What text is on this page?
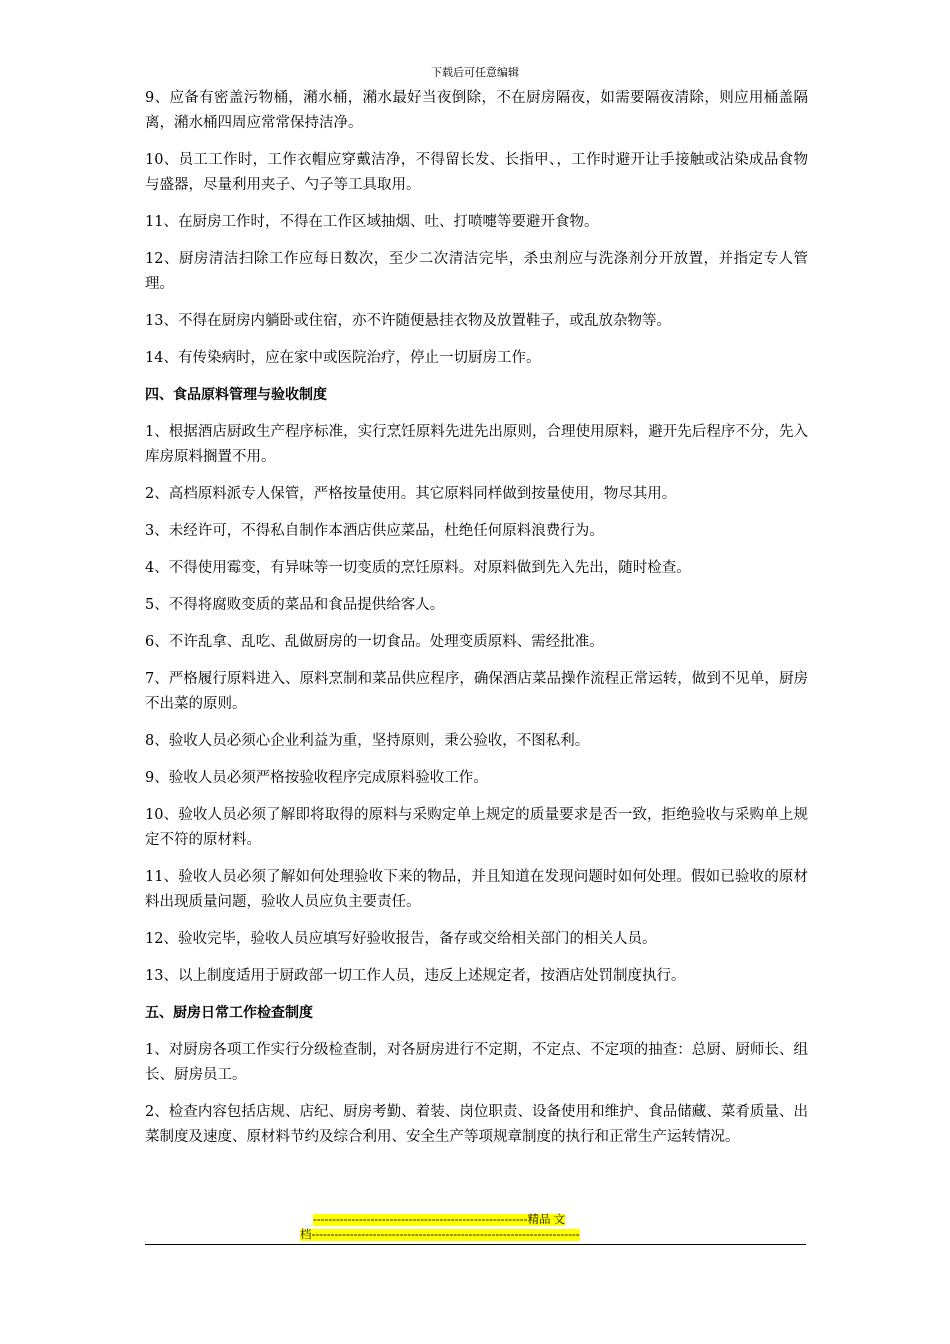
下载后可任意编辑

9、应备有密盖污物桶，潲水桶，潲水最好当夜倒除，不在厨房隔夜，如需要隔夜清除，则应用桶盖隔离，潲水桶四周应常常保持洁净。

10、员工工作时，工作衣帽应穿戴洁净，不得留长发、长指甲、，工作时避开让手接触或沾染成品食物与盛器，尽量利用夹子、勺子等工具取用。

11、在厨房工作时，不得在工作区域抽烟、吐、打喷嚏等要避开食物。

12、厨房清洁扫除工作应每日数次，至少二次清洁完毕，杀虫剂应与洗涤剂分开放置，并指定专人管理。

13、不得在厨房内躺卧或住宿，亦不许随便悬挂衣物及放置鞋子，或乱放杂物等。

14、有传染病时，应在家中或医院治疗，停止一切厨房工作。

四、食品原料管理与验收制度

1、根据酒店厨政生产程序标准，实行烹饪原料先进先出原则，合理使用原料，避开先后程序不分，先入库房原料搁置不用。

2、高档原料派专人保管，严格按量使用。其它原料同样做到按量使用，物尽其用。

3、未经许可，不得私自制作本酒店供应菜品，杜绝任何原料浪费行为。

4、不得使用霉变，有异味等一切变质的烹饪原料。对原料做到先入先出，随时检查。

5、不得将腐败变质的菜品和食品提供给客人。

6、不许乱拿、乱吃、乱做厨房的一切食品。处理变质原料、需经批准。

7、严格履行原料进入、原料烹制和菜品供应程序，确保酒店菜品操作流程正常运转，做到不见单，厨房不出菜的原则。

8、验收人员必须心企业利益为重，坚持原则，秉公验收，不图私利。

9、验收人员必须严格按验收程序完成原料验收工作。

10、验收人员必须了解即将取得的原料与采购定单上规定的质量要求是否一致，拒绝验收与采购单上规定不符的原材料。

11、验收人员必须了解如何处理验收下来的物品，并且知道在发现问题时如何处理。假如已验收的原材料出现质量问题，验收人员应负主要责任。

12、验收完毕，验收人员应填写好验收报告，备存或交给相关部门的相关人员。

13、以上制度适用于厨政部一切工作人员，违反上述规定者，按酒店处罚制度执行。

五、厨房日常工作检查制度

1、对厨房各项工作实行分级检查制，对各厨房进行不定期，不定点、不定项的抽查：总厨、厨师长、组长、厨房员工。

2、检查内容包括店规、店纪、厨房考勤、着装、岗位职责、设备使用和维护、食品储藏、菜肴质量、出菜制度及速度、原材料节约及综合利用、安全生产等项规章制度的执行和正常生产运转情况。

--------------------------------------------------------精品 文
档----------------------------------------------------------------------
